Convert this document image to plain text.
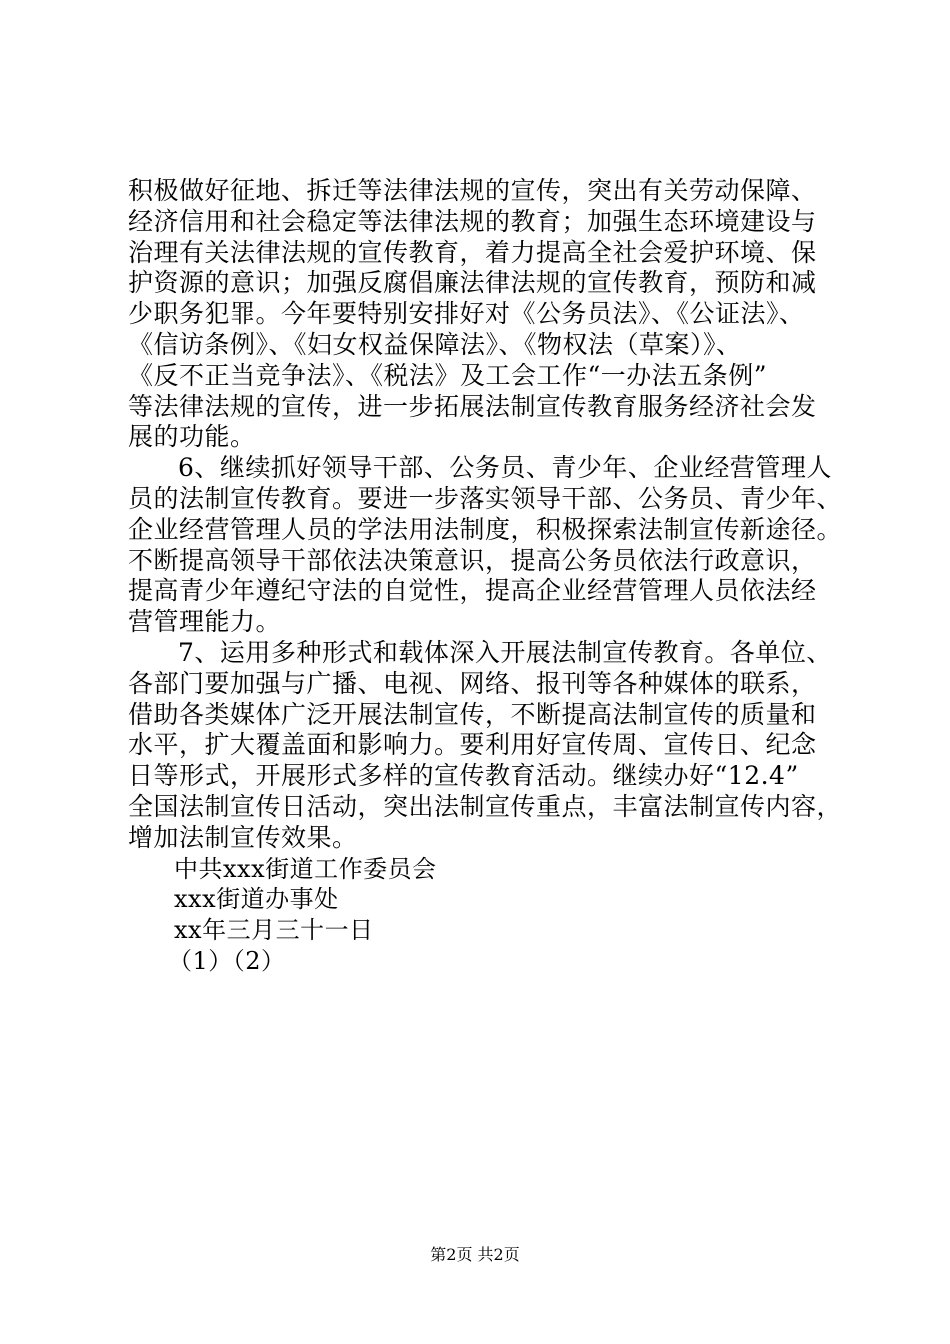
积极做好征地、拆迁等法律法规的宣传，突出有关劳动保障、
经济信用和社会稳定等法律法规的教育；加强生态环境建设与
治理有关法律法规的宣传教育，着力提高全社会爱护环境、保
护资源的意识；加强反腐倡廉法律法规的宣传教育，预防和减
少职务犯罪。今年要特别安排好对《公务员法》、《公证法》、
《信访条例》、《妇女权益保障法》、《物权法（草案）》、
《反不正当竞争法》、《税法》及工会工作“一办法五条例”
等法律法规的宣传，进一步拓展法制宣传教育服务经济社会发
展的功能。
6、继续抓好领导干部、公务员、青少年、企业经营管理人
员的法制宣传教育。要进一步落实领导干部、公务员、青少年、
企业经营管理人员的学法用法制度，积极探索法制宣传新途径。
不断提高领导干部依法决策意识，提高公务员依法行政意识，
提高青少年遵纪守法的自觉性，提高企业经营管理人员依法经
营管理能力。
7、运用多种形式和载体深入开展法制宣传教育。各单位、
各部门要加强与广播、电视、网络、报刊等各种媒体的联系，
借助各类媒体广泛开展法制宣传，不断提高法制宣传的质量和
水平，扩大覆盖面和影响力。要利用好宣传周、宣传日、纪念
日等形式，开展形式多样的宣传教育活动。继续办好“12.4”
全国法制宣传日活动，突出法制宣传重点，丰富法制宣传内容，
增加法制宣传效果。
中共xxx街道工作委员会
xxx街道办事处
xx年三月三十一日
（1）（2）
第2页 共2页
